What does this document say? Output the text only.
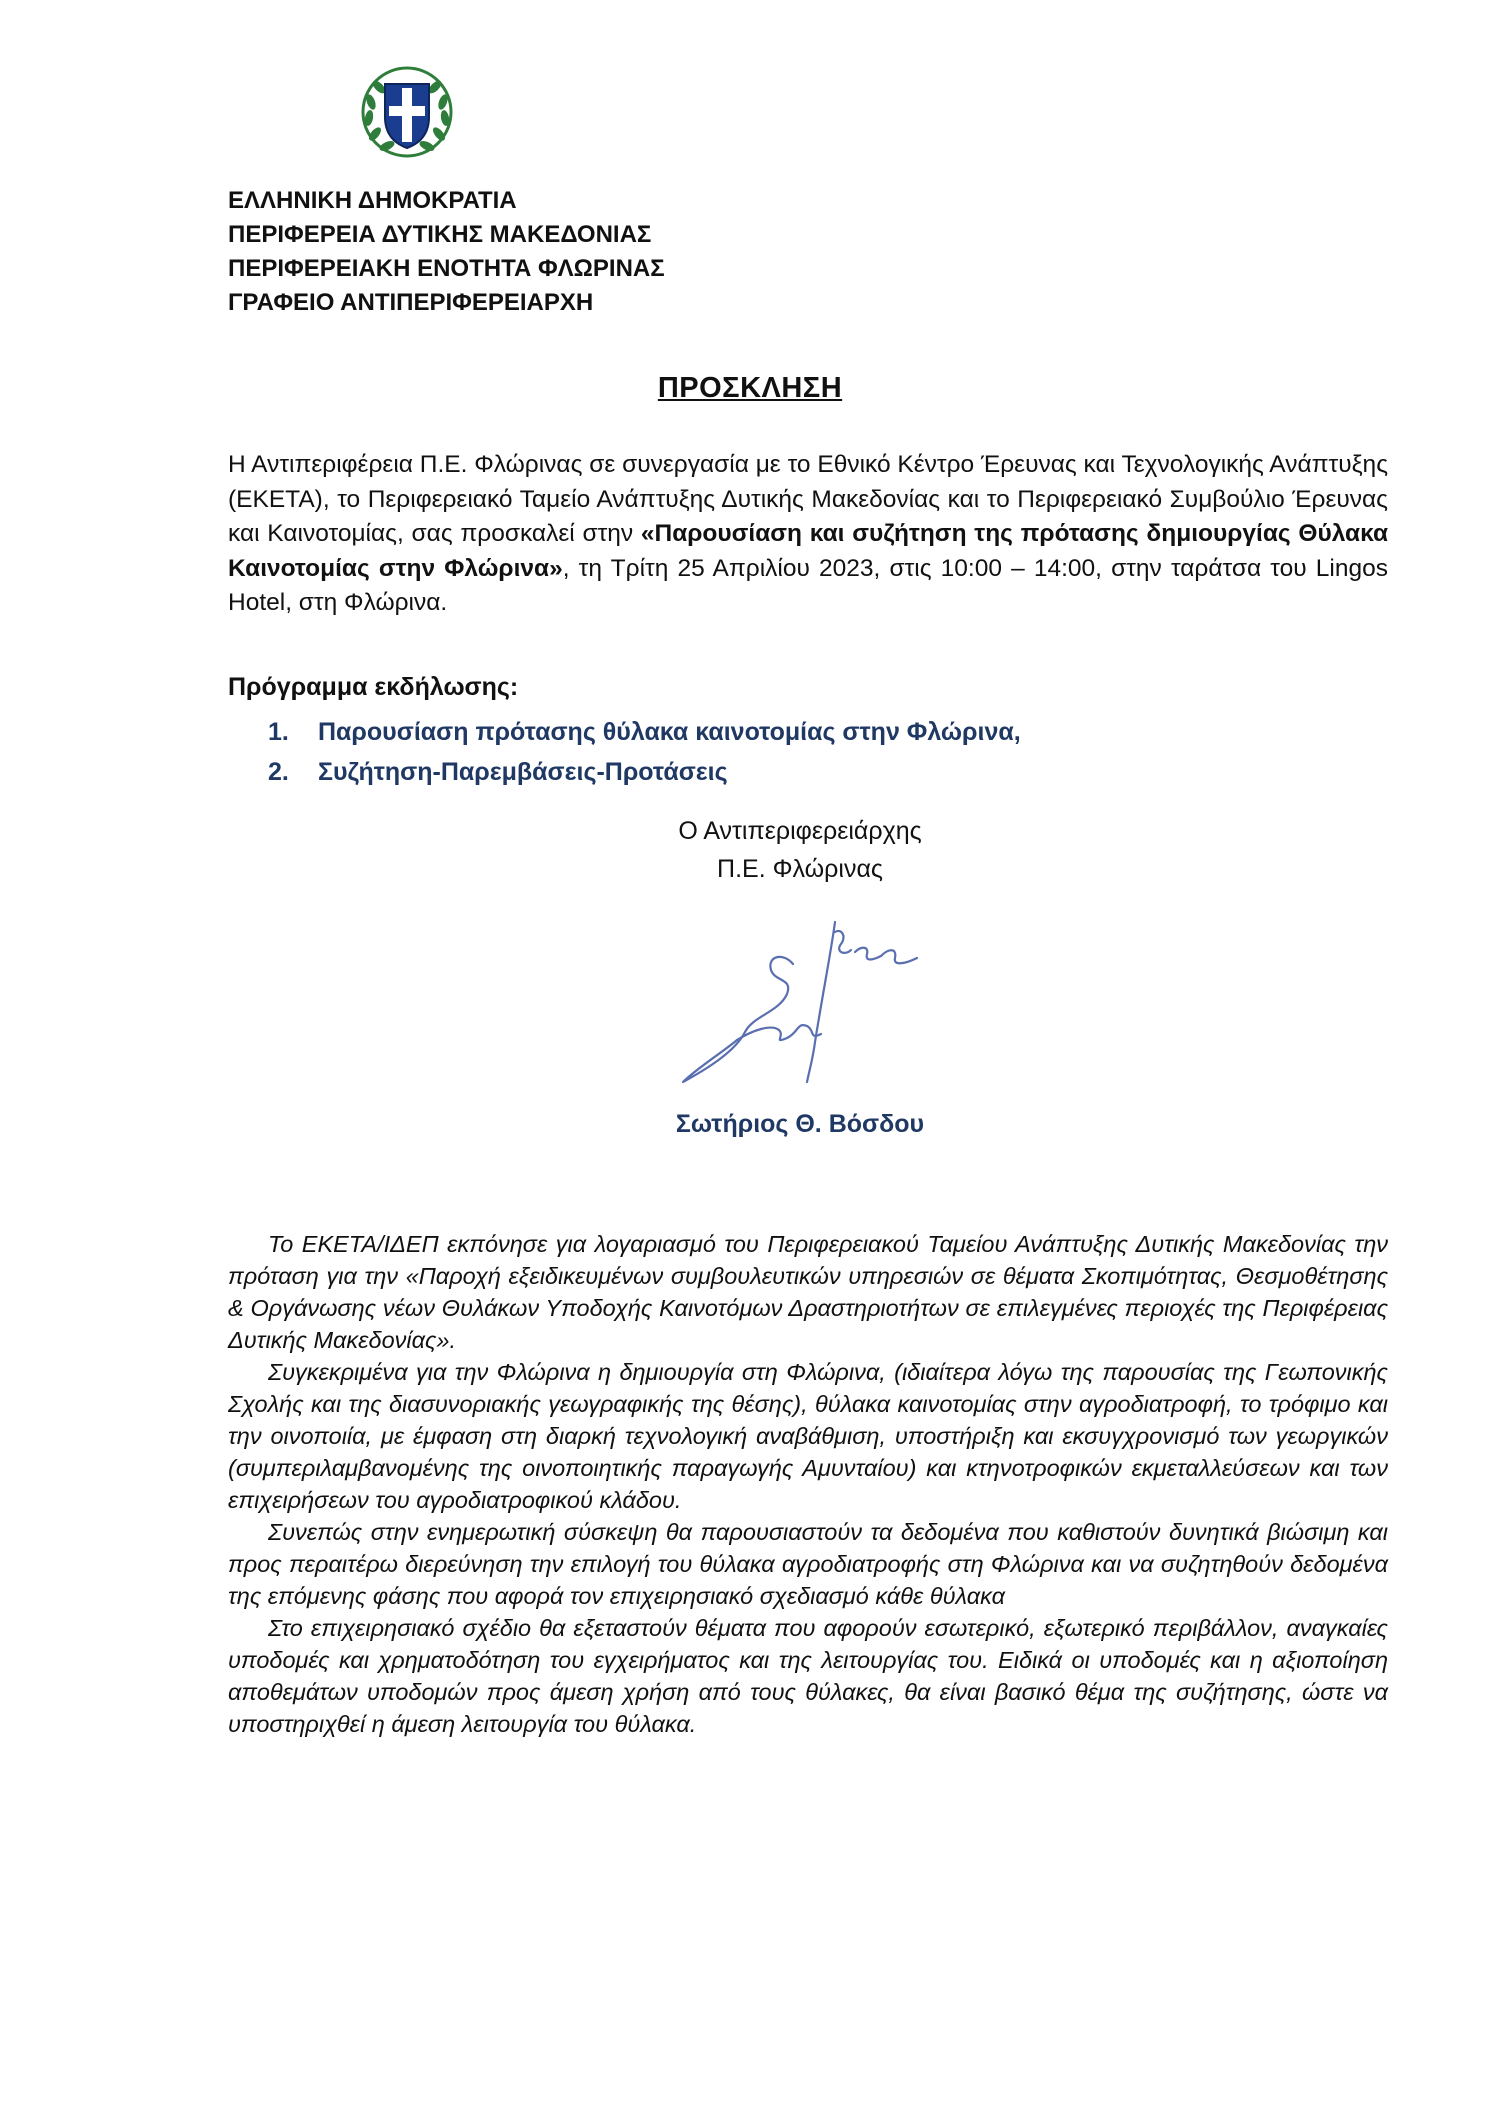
ΕΛΛΗΝΙΚΗ ΔΗΜΟΚΡΑΤΙΑ
ΠΕΡΙΦΕΡΕΙΑ ΔΥΤΙΚΗΣ ΜΑΚΕΔΟΝΙΑΣ
ΠΕΡΙΦΕΡΕΙΑΚΗ ΕΝΟΤΗΤΑ ΦΛΩΡΙΝΑΣ
ΓΡΑΦΕΙΟ ΑΝΤΙΠΕΡΙΦΕΡΕΙΑΡΧΗ
ΠΡΟΣΚΛΗΣΗ
Η Αντιπεριφέρεια Π.Ε. Φλώρινας σε συνεργασία με το Εθνικό Κέντρο Έρευνας και Τεχνολογικής Ανάπτυξης (ΕΚΕΤΑ), το Περιφερειακό Ταμείο Ανάπτυξης Δυτικής Μακεδονίας και το Περιφερειακό Συμβούλιο Έρευνας και Καινοτομίας, σας προσκαλεί στην «Παρουσίαση και συζήτηση της πρότασης δημιουργίας Θύλακα Καινοτομίας στην Φλώρινα», τη Τρίτη 25 Απριλίου 2023, στις 10:00 – 14:00, στην ταράτσα του Lingos Hotel, στη Φλώρινα.
Πρόγραμμα εκδήλωσης:
1. Παρουσίαση πρότασης θύλακα καινοτομίας στην Φλώρινα,
2. Συζήτηση-Παρεμβάσεις-Προτάσεις
Ο Αντιπεριφερειάρχης
Π.Ε. Φλώρινας
Σωτήριος Θ. Βόσδου

Το ΕΚΕΤΑ/ΙΔΕΠ εκπόνησε για λογαριασμό του Περιφερειακού Ταμείου Ανάπτυξης Δυτικής Μακεδονίας την πρόταση για την «Παροχή εξειδικευμένων συμβουλευτικών υπηρεσιών σε θέματα Σκοπιμότητας, Θεσμοθέτησης & Οργάνωσης νέων Θυλάκων Υποδοχής Καινοτόμων Δραστηριοτήτων σε επιλεγμένες περιοχές της Περιφέρειας Δυτικής Μακεδονίας».

Συγκεκριμένα για την Φλώρινα η δημιουργία στη Φλώρινα, (ιδιαίτερα λόγω της παρουσίας της Γεωπονικής Σχολής και της διασυνοριακής γεωγραφικής της θέσης), θύλακα καινοτομίας στην αγροδιατροφή, το τρόφιμο και την οινοποιία, με έμφαση στη διαρκή τεχνολογική αναβάθμιση, υποστήριξη και εκσυγχρονισμό των γεωργικών (συμπεριλαμβανομένης της οινοποιητικής παραγωγής Αμυνταίου) και κτηνοτροφικών εκμεταλλεύσεων και των επιχειρήσεων του αγροδιατροφικού κλάδου.

Συνεπώς στην ενημερωτική σύσκεψη θα παρουσιαστούν τα δεδομένα που καθιστούν δυνητικά βιώσιμη και προς περαιτέρω διερεύνηση την επιλογή του θύλακα αγροδιατροφής στη Φλώρινα και να συζητηθούν δεδομένα της επόμενης φάσης που αφορά τον επιχειρησιακό σχεδιασμό κάθε θύλακα

Στο επιχειρησιακό σχέδιο θα εξεταστούν θέματα που αφορούν εσωτερικό, εξωτερικό περιβάλλον, αναγκαίες υποδομές και χρηματοδότηση του εγχειρήματος και της λειτουργίας του. Ειδικά οι υποδομές και η αξιοποίηση αποθεμάτων υποδομών προς άμεση χρήση από τους θύλακες, θα είναι βασικό θέμα της συζήτησης, ώστε να υποστηριχθεί η άμεση λειτουργία του θύλακα.
